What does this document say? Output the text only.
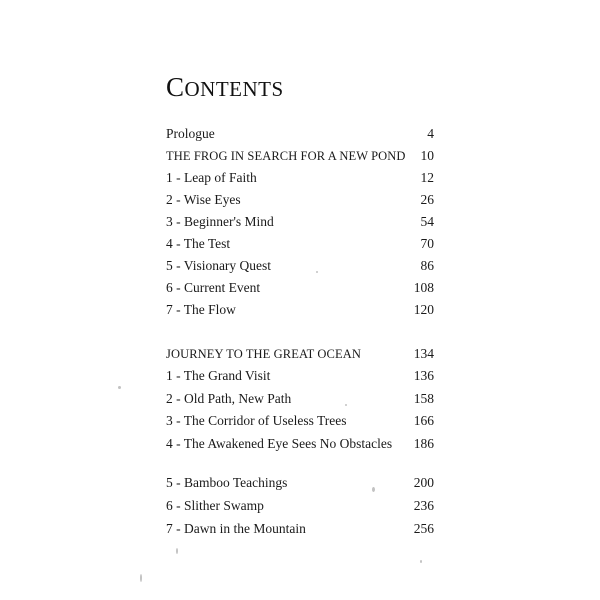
CONTENTS
Prologue	4
THE FROG IN SEARCH FOR A NEW POND 10
1 - Leap of Faith	12
2 - Wise Eyes	26
3 - Beginner's Mind	54
4 - The Test	70
5 - Visionary Quest	86
6 - Current Event	108
7 - The Flow	120
JOURNEY TO THE GREAT OCEAN	134
1 - The Grand Visit	136
2 - Old Path, New Path	158
3 - The Corridor of Useless Trees	166
4 - The Awakened Eye Sees No Obstacles 186
5 - Bamboo Teachings	200
6 - Slither Swamp	236
7 - Dawn in the Mountain	256
